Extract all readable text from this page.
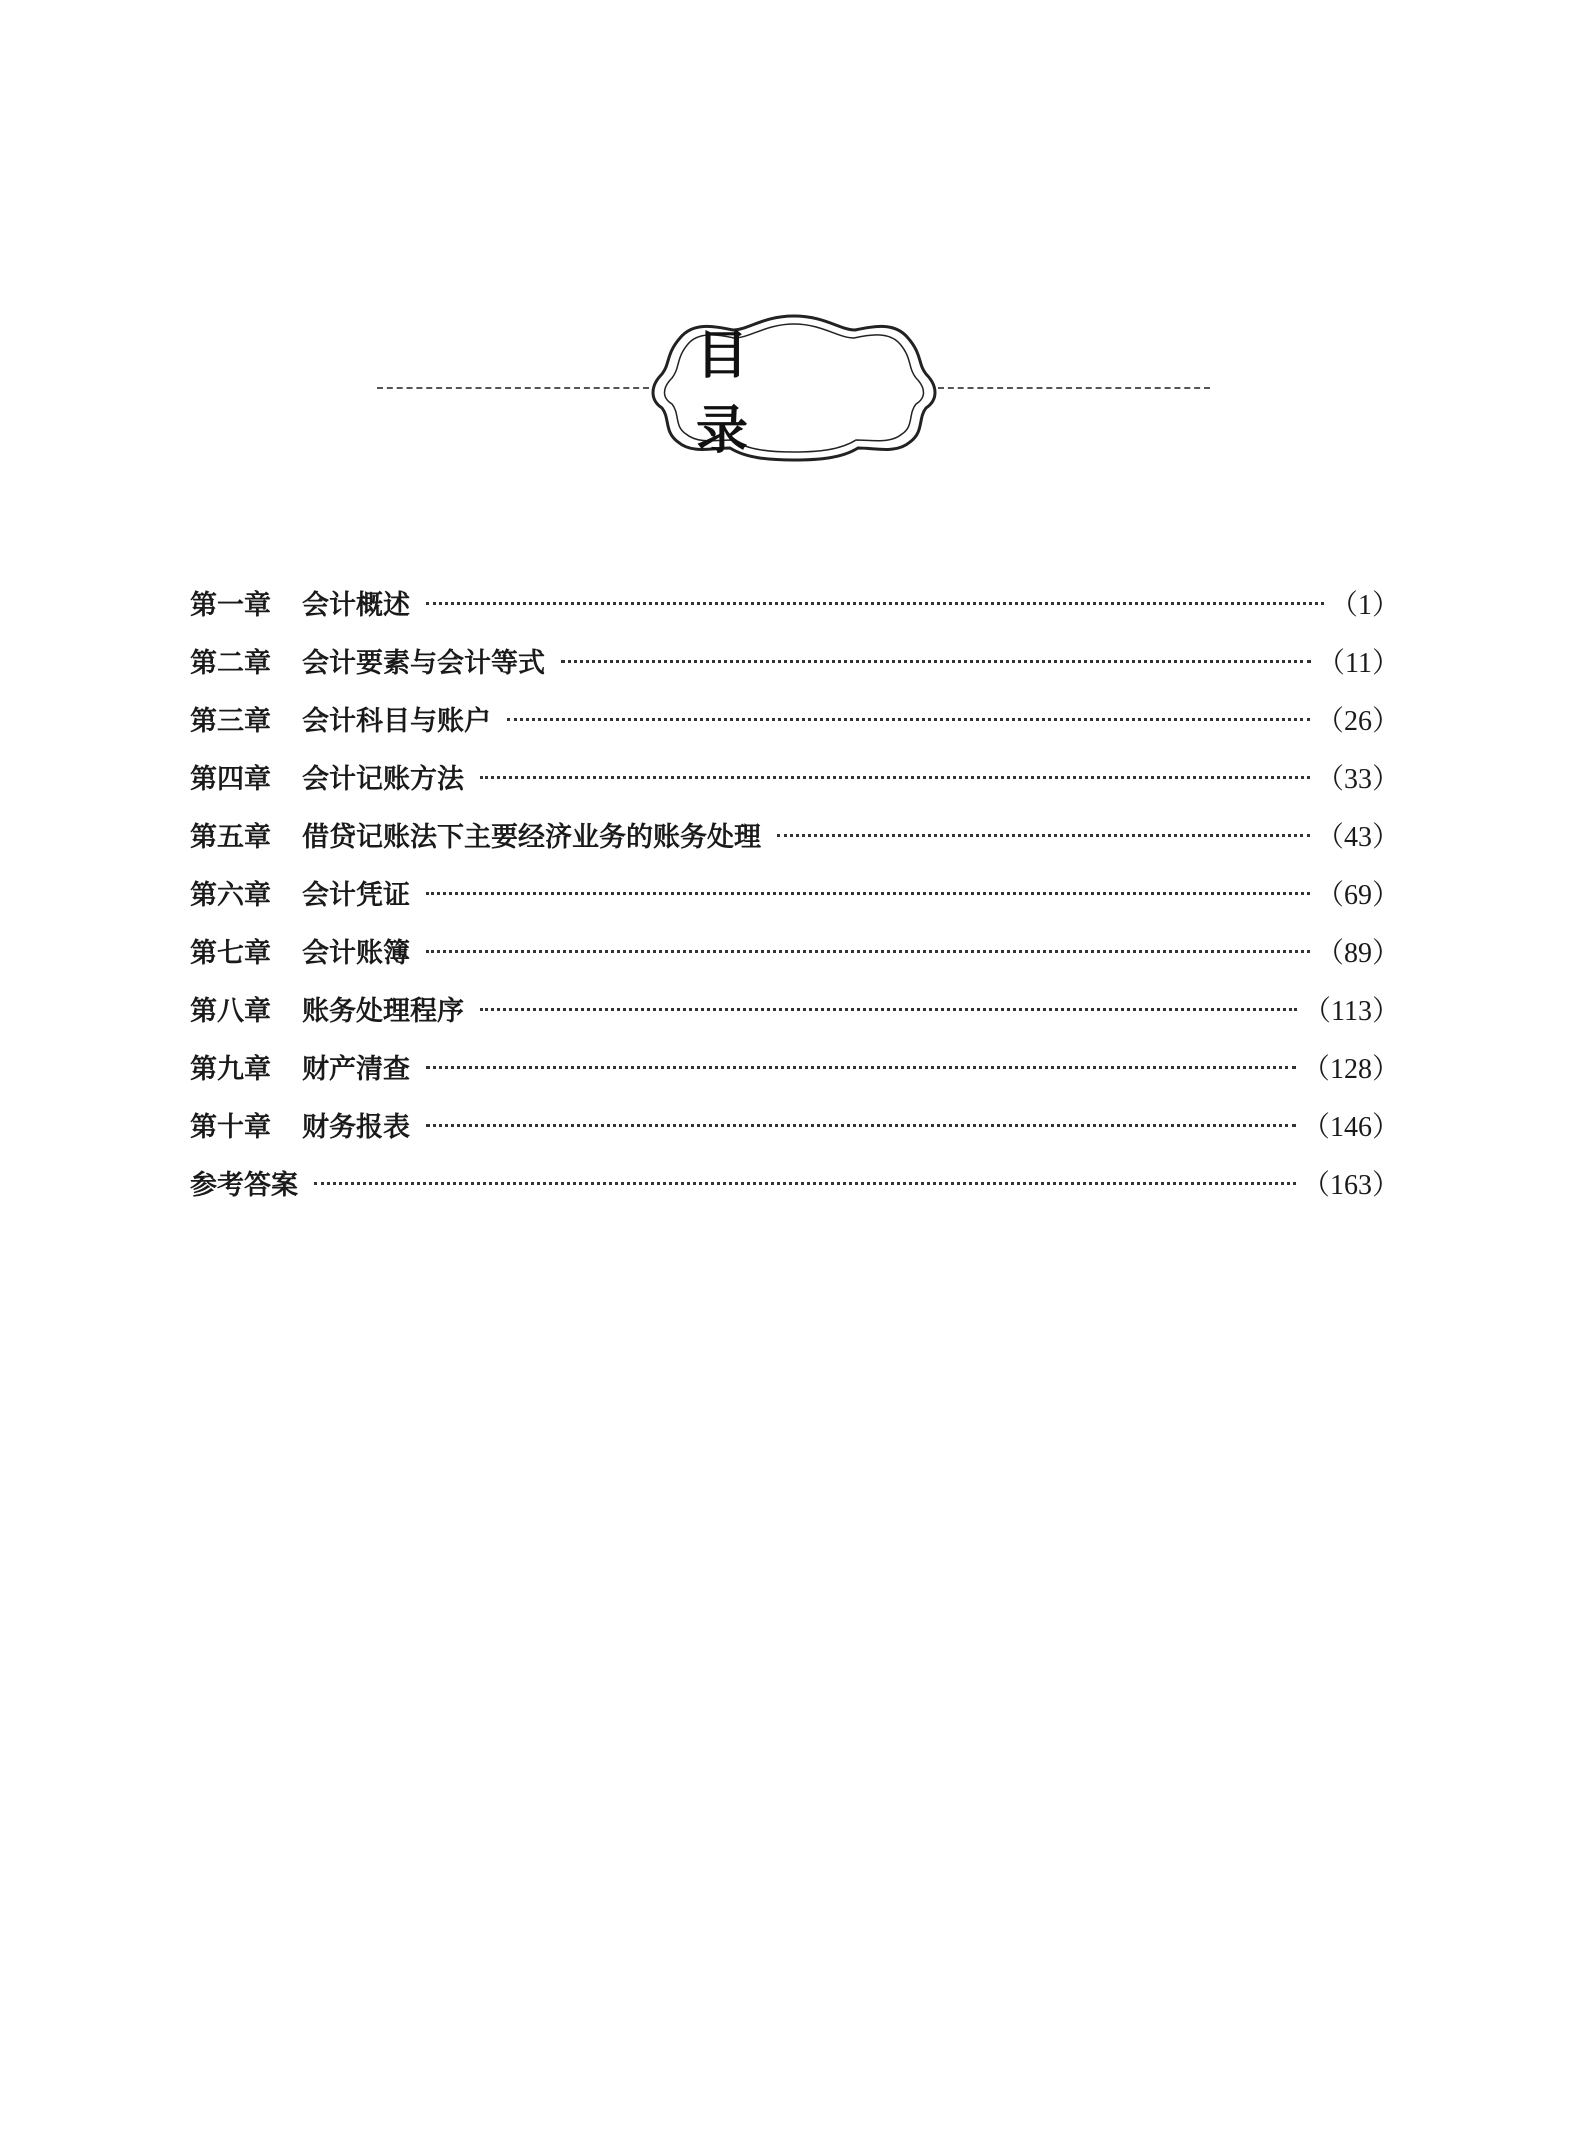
目 录
第一章	会计概述	（1）
第二章	会计要素与会计等式	（11）
第三章	会计科目与账户	（26）
第四章	会计记账方法	（33）
第五章	借贷记账法下主要经济业务的账务处理	（43）
第六章	会计凭证	（69）
第七章	会计账簿	（89）
第八章	账务处理程序	（113）
第九章	财产清查	（128）
第十章	财务报表	（146）
参考答案	（163）
